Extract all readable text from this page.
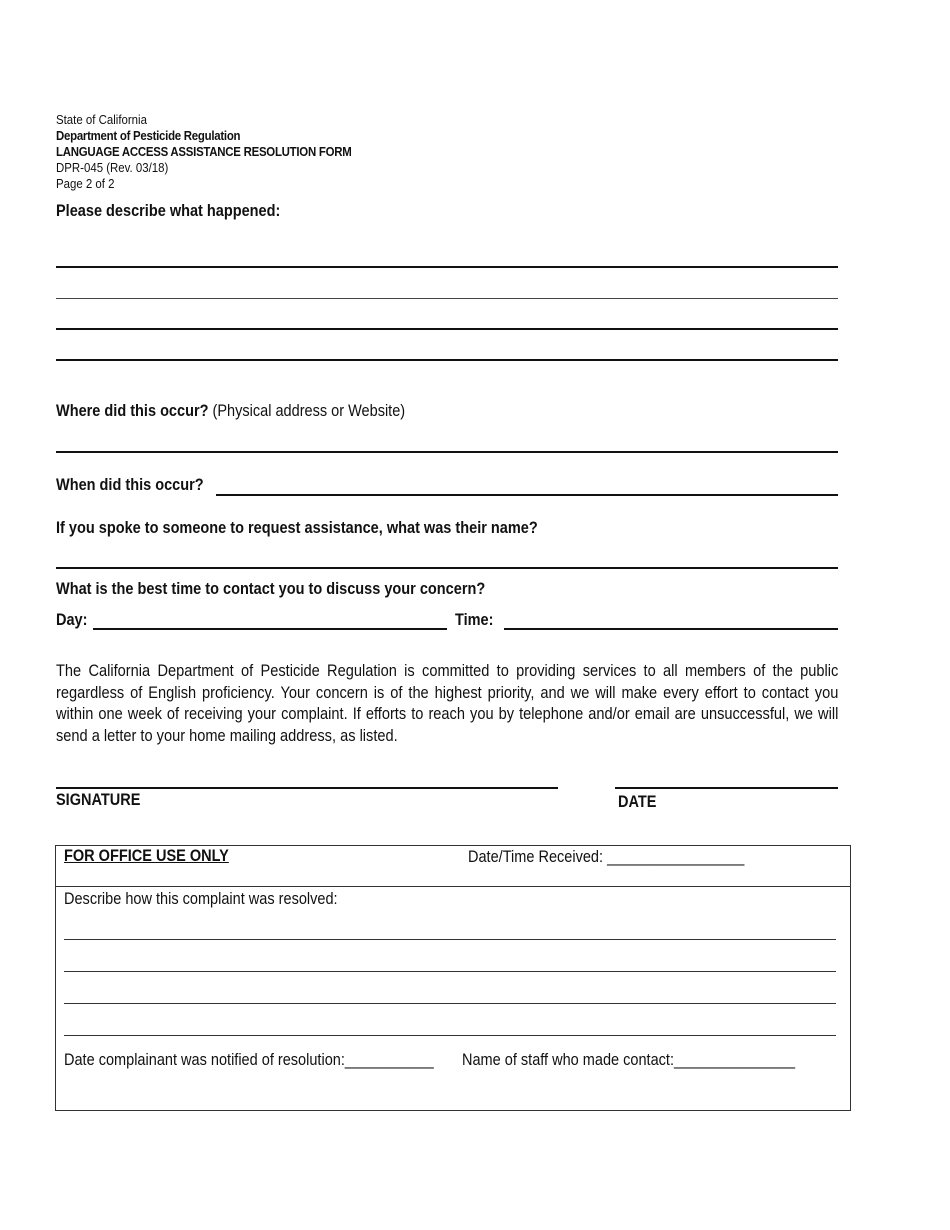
State of California
Department of Pesticide Regulation
LANGUAGE ACCESS ASSISTANCE RESOLUTION FORM
DPR-045 (Rev. 03/18)
Page 2 of 2
Please describe what happened:
Where did this occur? (Physical address or Website)
When did this occur?
If you spoke to someone to request assistance, what was their name?
What is the best time to contact you to discuss your concern?
Day:	Time:
The California Department of Pesticide Regulation is committed to providing services to all members of the public regardless of English proficiency. Your concern is of the highest priority, and we will make every effort to contact you within one week of receiving your complaint. If efforts to reach you by telephone and/or email are unsuccessful, we will send a letter to your home mailing address, as listed.
SIGNATURE	DATE
FOR OFFICE USE ONLY	Date/Time Received: _________________
Describe how this complaint was resolved:
Date complainant was notified of resolution:___________ Name of staff who made contact:_______________
